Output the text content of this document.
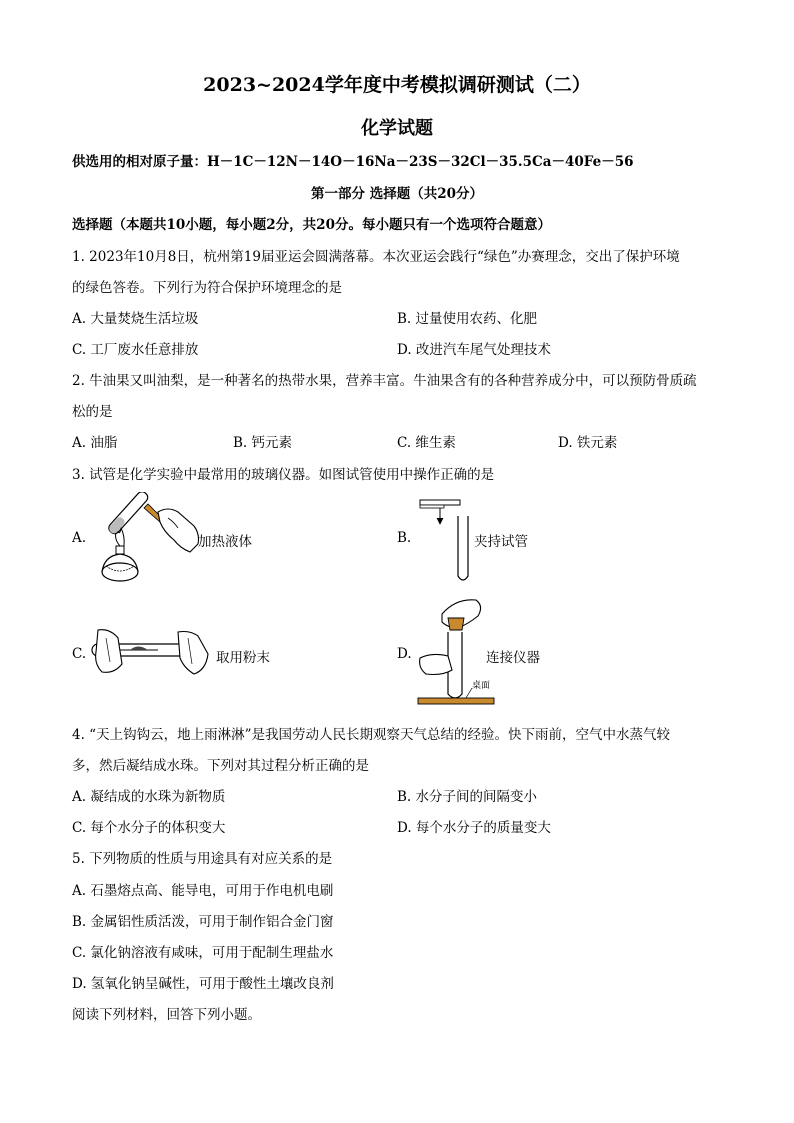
2023~2024学年度中考模拟调研测试（二）
化学试题
供选用的相对原子量：H－1C－12N－14O－16Na－23S－32Cl－35.5Ca－40Fe－56
第一部分 选择题（共20分）
选择题（本题共10小题，每小题2分，共20分。每小题只有一个选项符合题意）
1. 2023年10月8日，杭州第19届亚运会圆满落幕。本次亚运会践行“绿色”办赛理念，交出了保护环境
的绿色答卷。下列行为符合保护环境理念的是
A. 大量焚烧生活垃圾	B. 过量使用农药、化肥
C. 工厂废水任意排放	D. 改进汽车尾气处理技术
2. 牛油果又叫油梨，是一种著名的热带水果，营养丰富。牛油果含有的各种营养成分中，可以预防骨质疏
松的是
A. 油脂	B. 钙元素	C. 维生素	D. 铁元素
3. 试管是化学实验中最常用的玻璃仪器。如图试管使用中操作正确的是
A.	加热液体	B.	夹持试管
C.	取用粉末	D.
桌面
连接仪器
4. “天上钩钩云，地上雨淋淋”是我国劳动人民长期观察天气总结的经验。快下雨前，空气中水蒸气较
多，然后凝结成水珠。下列对其过程分析正确的是
A. 凝结成的水珠为新物质	B. 水分子间的间隔变小
C. 每个水分子的体积变大	D. 每个水分子的质量变大
5. 下列物质的性质与用途具有对应关系的是
A. 石墨熔点高、能导电，可用于作电机电刷
B. 金属铝性质活泼，可用于制作铝合金门窗
C. 氯化钠溶液有咸味，可用于配制生理盐水
D. 氢氧化钠呈碱性，可用于酸性土壤改良剂
阅读下列材料，回答下列小题。
